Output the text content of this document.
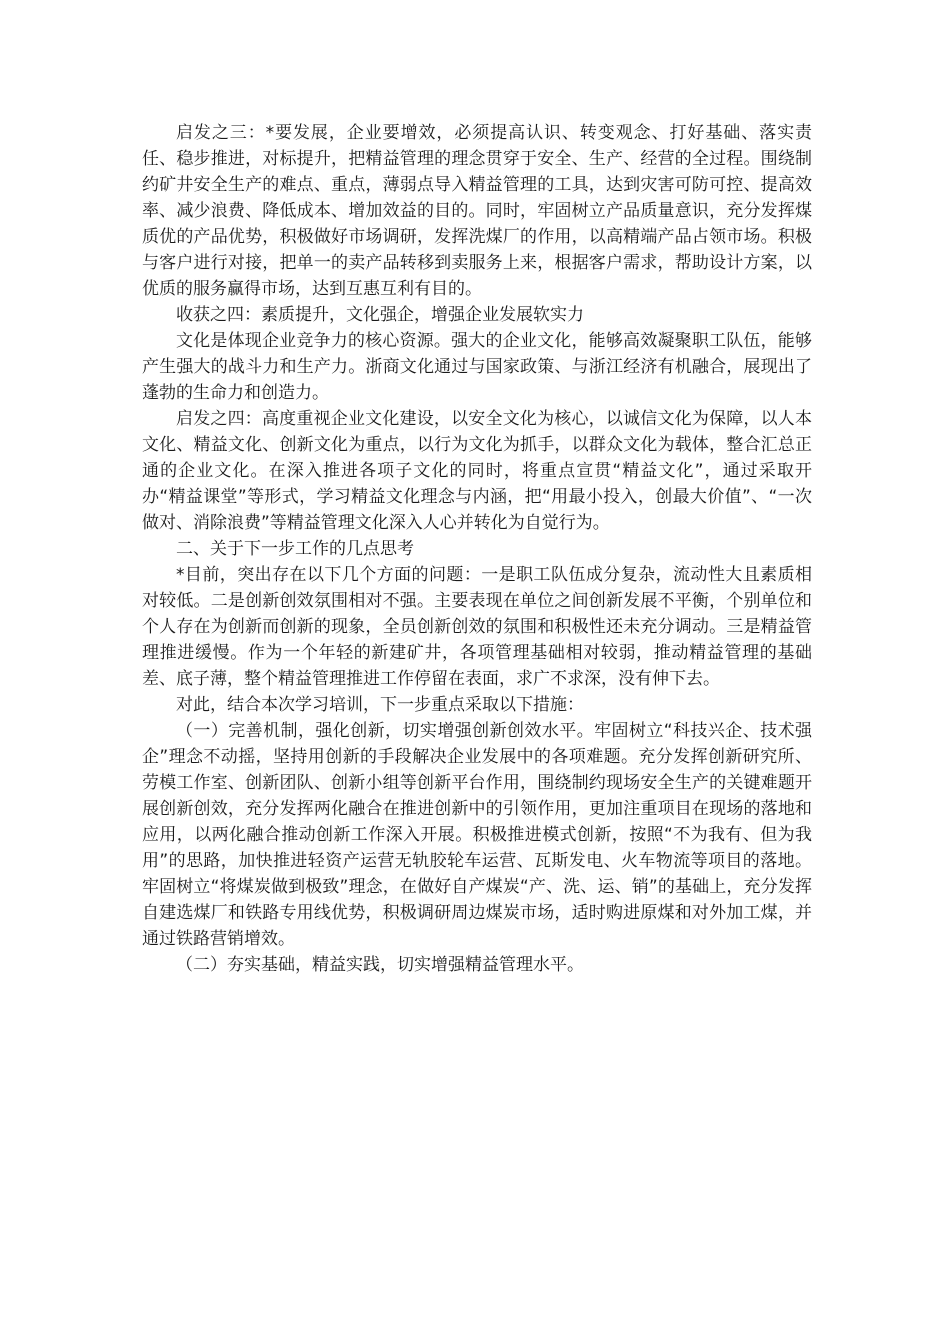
启发之三：*要发展，企业要增效，必须提高认识、转变观念、打好基础、落实责任、稳步推进，对标提升，把精益管理的理念贯穿于安全、生产、经营的全过程。围绕制约矿井安全生产的难点、重点，薄弱点导入精益管理的工具，达到灾害可防可控、提高效率、减少浪费、降低成本、增加效益的目的。同时，牢固树立产品质量意识，充分发挥煤质优的产品优势，积极做好市场调研，发挥洗煤厂的作用，以高精端产品占领市场。积极与客户进行对接，把单一的卖产品转移到卖服务上来，根据客户需求，帮助设计方案，以优质的服务赢得市场，达到互惠互利有目的。

收获之四：素质提升，文化强企，增强企业发展软实力

文化是体现企业竞争力的核心资源。强大的企业文化，能够高效凝聚职工队伍，能够产生强大的战斗力和生产力。浙商文化通过与国家政策、与浙江经济有机融合，展现出了蓬勃的生命力和创造力。

启发之四：高度重视企业文化建设，以安全文化为核心，以诚信文化为保障，以人本文化、精益文化、创新文化为重点，以行为文化为抓手，以群众文化为载体，整合汇总正通的企业文化。在深入推进各项子文化的同时，将重点宣贯“精益文化”，通过采取开办“精益课堂”等形式，学习精益文化理念与内涵，把“用最小投入，创最大价值”、“一次做对、消除浪费”等精益管理文化深入人心并转化为自觉行为。

二、关于下一步工作的几点思考

*目前，突出存在以下几个方面的问题：一是职工队伍成分复杂，流动性大且素质相对较低。二是创新创效氛围相对不强。主要表现在单位之间创新发展不平衡，个别单位和个人存在为创新而创新的现象，全员创新创效的氛围和积极性还未充分调动。三是精益管理推进缓慢。作为一个年轻的新建矿井，各项管理基础相对较弱，推动精益管理的基础差、底子薄，整个精益管理推进工作停留在表面，求广不求深，没有伸下去。

对此，结合本次学习培训，下一步重点采取以下措施：

（一）完善机制，强化创新，切实增强创新创效水平。牢固树立“科技兴企、技术强企”理念不动摇，坚持用创新的手段解决企业发展中的各项难题。充分发挥创新研究所、劳模工作室、创新团队、创新小组等创新平台作用，围绕制约现场安全生产的关键难题开展创新创效，充分发挥两化融合在推进创新中的引领作用，更加注重项目在现场的落地和应用，以两化融合推动创新工作深入开展。积极推进模式创新，按照“不为我有、但为我用”的思路，加快推进轻资产运营无轨胶轮车运营、瓦斯发电、火车物流等项目的落地。牢固树立“将煤炭做到极致”理念，在做好自产煤炭“产、洗、运、销”的基础上，充分发挥自建选煤厂和铁路专用线优势，积极调研周边煤炭市场，适时购进原煤和对外加工煤，并通过铁路营销增效。

（二）夯实基础，精益实践，切实增强精益管理水平。
